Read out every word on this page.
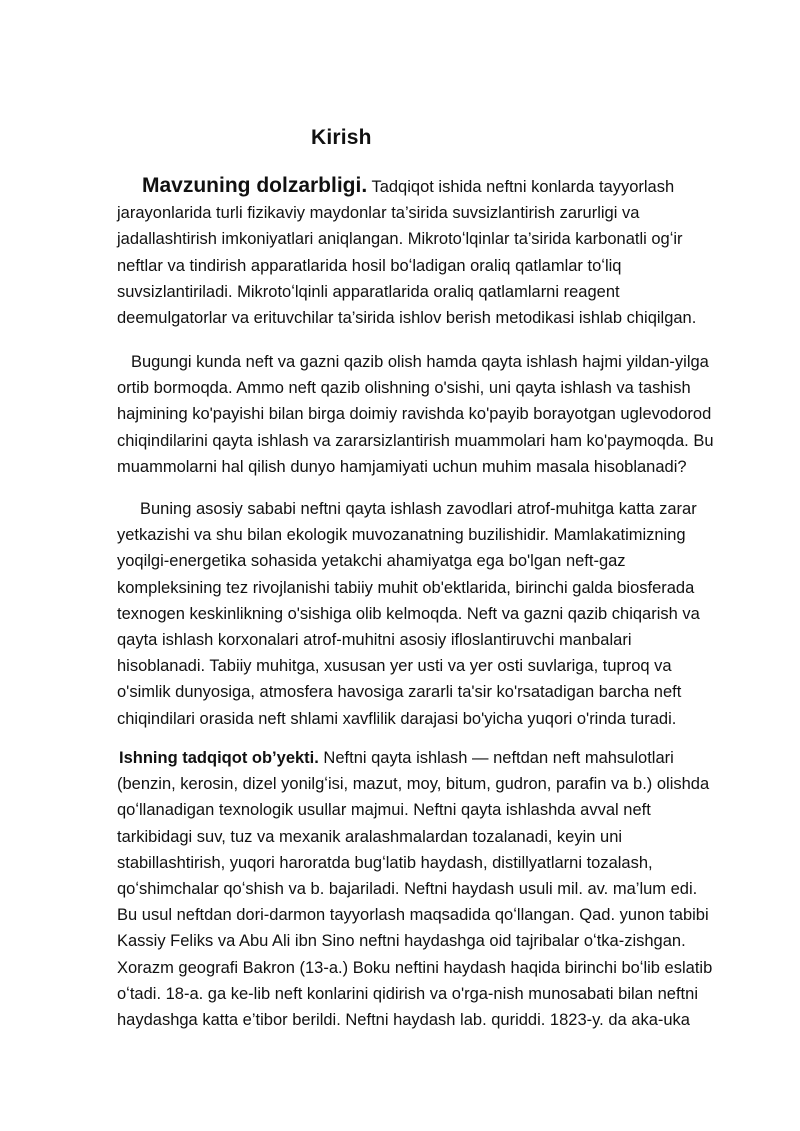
Kirish
Mavzuning dolzarbligi. Tadqiqot ishida neftni konlarda tayyorlash
jarayonlarida turli fizikaviy maydonlar ta’sirida suvsizlantirish zarurligi va
jadallashtirish imkoniyatlari aniqlangan. Mikrotoʻlqinlar ta’sirida karbonatli ogʻir
neftlar va tindirish apparatlarida hosil boʻladigan oraliq qatlamlar toʻliq
suvsizlantiriladi. Mikrotoʻlqinli apparatlarida oraliq qatlamlarni reagent
deemulgatorlar va erituvchilar ta’sirida ishlov berish metodikasi ishlab chiqilgan.
Bugungi kunda neft va gazni qazib olish hamda qayta ishlash hajmi yildan-yilga
ortib bormoqda. Ammo neft qazib olishning o'sishi, uni qayta ishlash va tashish
hajmining ko'payishi bilan birga doimiy ravishda ko'payib borayotgan uglevodorod
chiqindilarini qayta ishlash va zararsizlantirish muammolari ham ko'paymoqda. Bu
muammolarni hal qilish dunyo hamjamiyati uchun muhim masala hisoblanadi?
Buning asosiy sababi neftni qayta ishlash zavodlari atrof-muhitga katta zarar
yetkazishi va shu bilan ekologik muvozanatning buzilishidir. Mamlakatimizning
yoqilgi-energetika sohasida yetakchi ahamiyatga ega bo'lgan neft-gaz
kompleksining tez rivojlanishi tabiiy muhit ob'ektlarida, birinchi galda biosferada
texnogen keskinlikning o'sishiga olib kelmoqda. Neft va gazni qazib chiqarish va
qayta ishlash korxonalari atrof-muhitni asosiy ifloslantiruvchi manbalari
hisoblanadi. Tabiiy muhitga, xususan yer usti va yer osti suvlariga, tuproq va
o'simlik dunyosiga, atmosfera havosiga zararli ta'sir ko'rsatadigan barcha neft
chiqindilari orasida neft shlami xavflilik darajasi bo'yicha yuqori o'rinda turadi.
Ishning tadqiqot ob’yekti. Neftni qayta ishlash — neftdan neft mahsulotlari
(benzin, kerosin, dizel yonilgʻisi, mazut, moy, bitum, gudron, parafin va b.) olishda
qoʻllanadigan texnologik usullar majmui. Neftni qayta ishlashda avval neft
tarkibidagi suv, tuz va mexanik aralashmalardan tozalanadi, keyin uni
stabillashtirish, yuqori haroratda bugʻlatib haydash, distillyatlarni tozalash,
qoʻshimchalar qoʻshish va b. bajariladi. Neftni haydash usuli mil. av. ma’lum edi.
Bu usul neftdan dori-darmon tayyorlash maqsadida qoʻllangan. Qad. yunon tabibi
Kassiy Feliks va Abu Ali ibn Sino neftni haydashga oid tajribalar oʻtka-zishgan.
Xorazm geografi Bakron (13-a.) Boku neftini haydash haqida birinchi boʻlib eslatib
oʻtadi. 18-a. ga ke-lib neft konlarini qidirish va o'rga-nish munosabati bilan neftni
haydashga katta e’tibor berildi. Neftni haydash lab. quriddi. 1823-y. da aka-uka
